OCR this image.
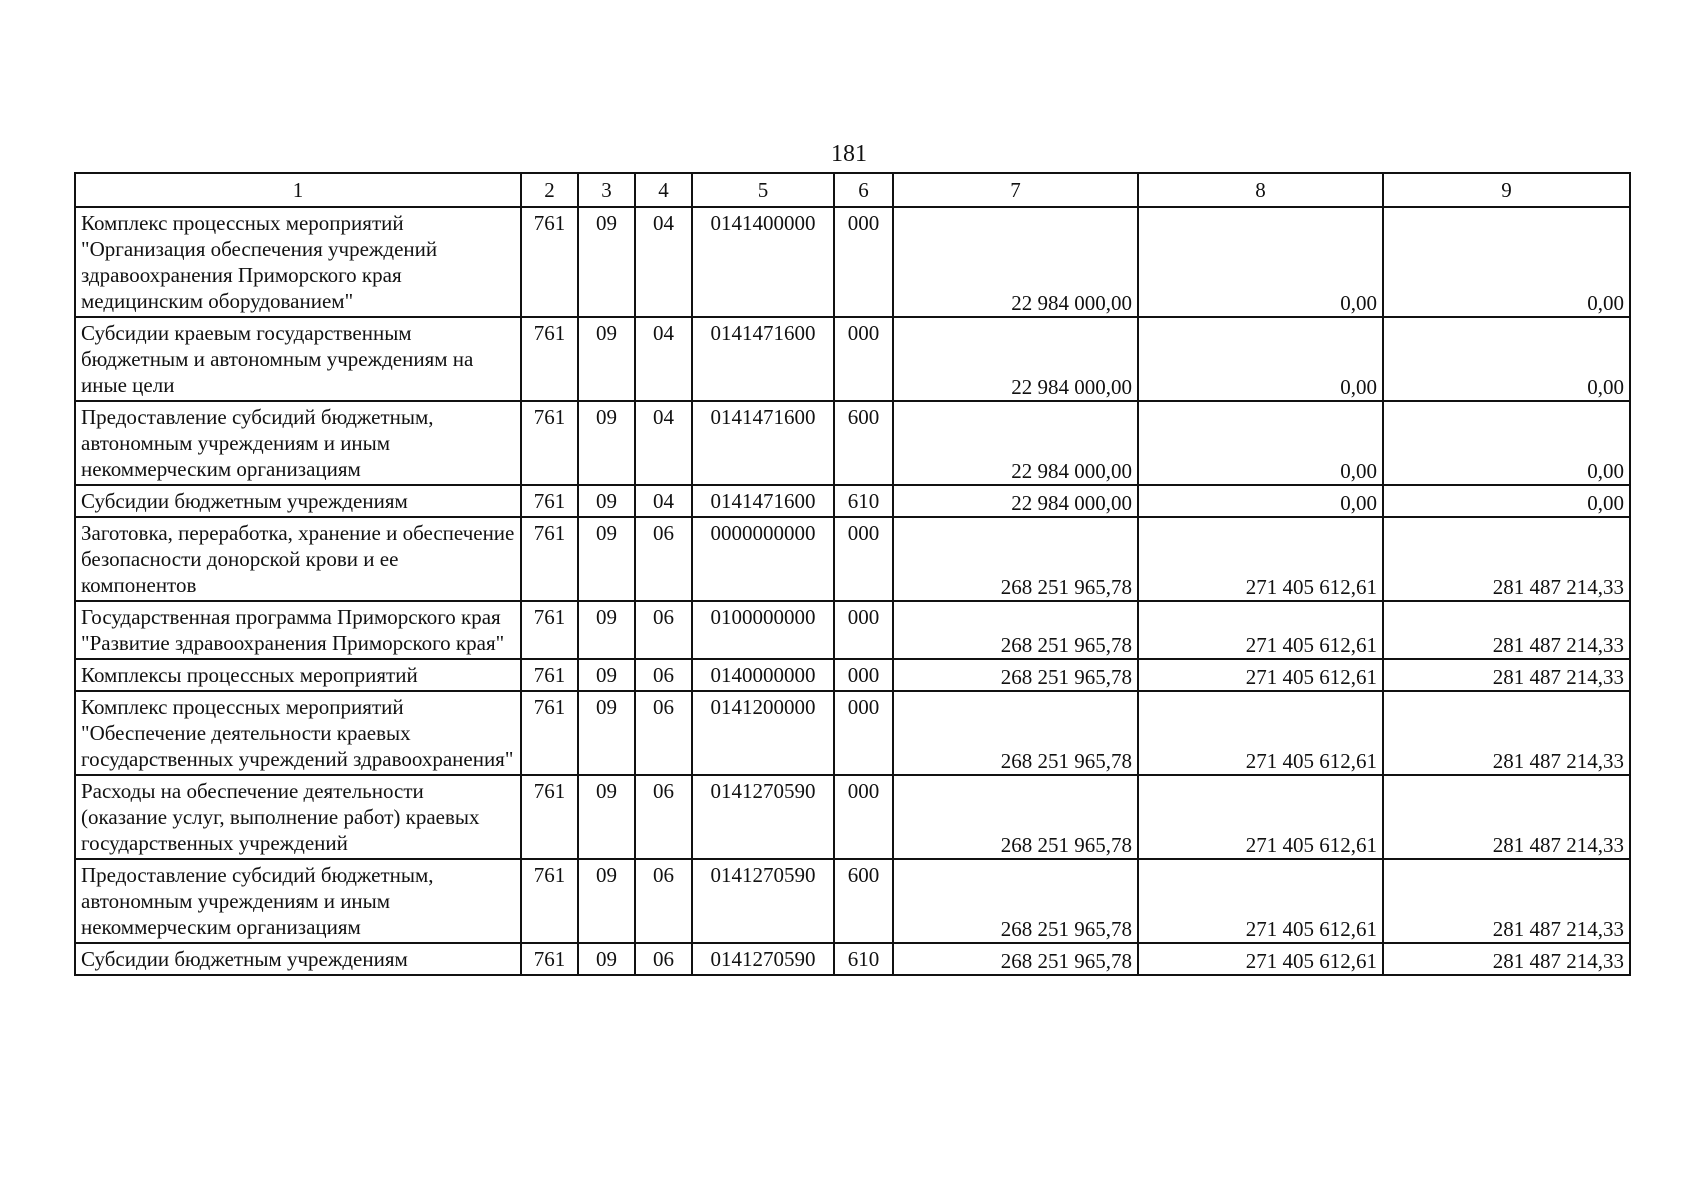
181
1	2	3	4	5	6	7	8	9
Комплекс процессных мероприятий "Организация обеспечения учреждений здравоохранения Приморского края медицинским оборудованием"	761	09	04	0141400000	000	22 984 000,00	0,00	0,00
Субсидии краевым государственным бюджетным и автономным учреждениям на иные цели	761	09	04	0141471600	000	22 984 000,00	0,00	0,00
Предоставление субсидий бюджетным, автономным учреждениям и иным некоммерческим организациям	761	09	04	0141471600	600	22 984 000,00	0,00	0,00
Субсидии бюджетным учреждениям	761	09	04	0141471600	610	22 984 000,00	0,00	0,00
Заготовка, переработка, хранение и обеспечение безопасности донорской крови и ее компонентов	761	09	06	0000000000	000	268 251 965,78	271 405 612,61	281 487 214,33
Государственная программа Приморского края "Развитие здравоохранения Приморского края"	761	09	06	0100000000	000	268 251 965,78	271 405 612,61	281 487 214,33
Комплексы процессных мероприятий	761	09	06	0140000000	000	268 251 965,78	271 405 612,61	281 487 214,33
Комплекс процессных мероприятий "Обеспечение деятельности краевых государственных учреждений здравоохранения"	761	09	06	0141200000	000	268 251 965,78	271 405 612,61	281 487 214,33
Расходы на обеспечение деятельности (оказание услуг, выполнение работ) краевых государственных учреждений	761	09	06	0141270590	000	268 251 965,78	271 405 612,61	281 487 214,33
Предоставление субсидий бюджетным, автономным учреждениям и иным некоммерческим организациям	761	09	06	0141270590	600	268 251 965,78	271 405 612,61	281 487 214,33
Субсидии бюджетным учреждениям	761	09	06	0141270590	610	268 251 965,78	271 405 612,61	281 487 214,33
